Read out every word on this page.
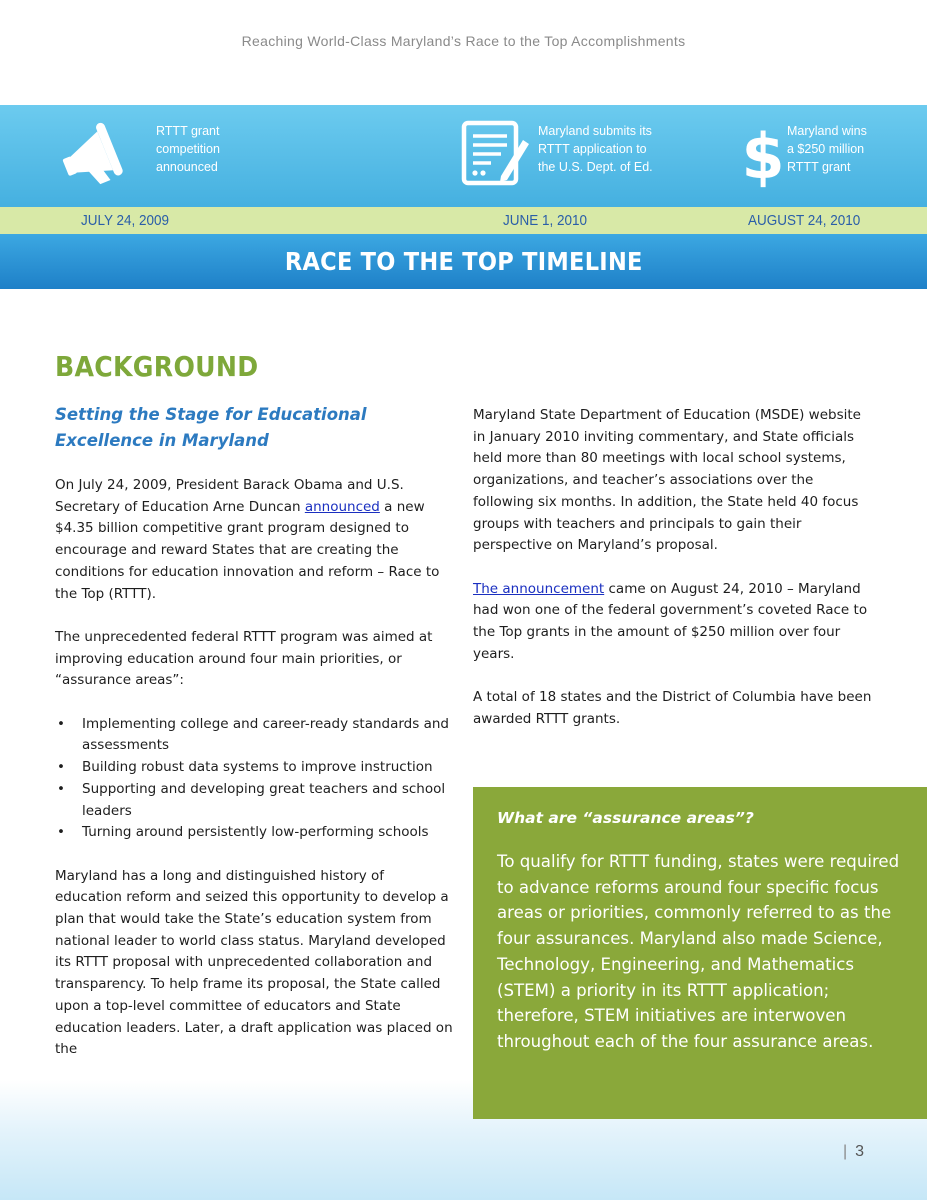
Reaching World-Class Maryland’s Race to the Top Accomplishments
RTTT grant
competition
announced
Maryland submits its
RTTT application to
the U.S. Dept. of Ed. $ Maryland wins
a $250 million
RTTT grant
JULY 24, 2009	JUNE 1, 2010	AUGUST 24, 2010
RACE TO THE TOP TIMELINE
BACKGROUND
Setting the Stage for Educational Excellence in Maryland

On July 24, 2009, President Barack Obama and U.S. Secretary of Education Arne Duncan announced a new $4.35 billion competitive grant program designed to encourage and reward States that are creating the conditions for education innovation and reform – Race to the Top (RTTT).

The unprecedented federal RTTT program was aimed at improving education around four main priorities, or “assurance areas”:

• Implementing college and career-ready standards and assessments
• Building robust data systems to improve instruction
• Supporting and developing great teachers and school leaders
• Turning around persistently low-performing schools

Maryland has a long and distinguished history of education reform and seized this opportunity to develop a plan that would take the State’s education system from national leader to world class status. Maryland developed its RTTT proposal with unprecedented collaboration and transparency. To help frame its proposal, the State called upon a top-level committee of educators and State education leaders. Later, a draft application was placed on the

Maryland State Department of Education (MSDE) website in January 2010 inviting commentary, and State officials held more than 80 meetings with local school systems, organizations, and teacher’s associations over the following six months. In addition, the State held 40 focus groups with teachers and principals to gain their perspective on Maryland’s proposal.

The announcement came on August 24, 2010 – Maryland had won one of the federal government’s coveted Race to the Top grants in the amount of $250 million over four years.

A total of 18 states and the District of Columbia have been awarded RTTT grants.

What are “assurance areas”?

To qualify for RTTT funding, states were required to advance reforms around four specific focus areas or priorities, commonly referred to as the four assurances. Maryland also made Science, Technology, Engineering, and Mathematics (STEM) a priority in its RTTT application; therefore, STEM initiatives are interwoven throughout each of the four assurance areas.

| 3
